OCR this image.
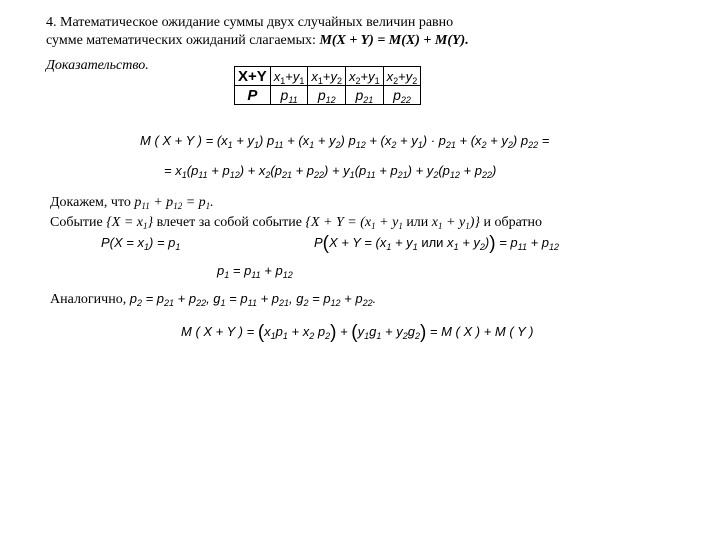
4. Математическое ожидание суммы двух случайных величин равно
сумме математических ожиданий слагаемых: M(X + Y) = M(X) + M(Y).
Доказательство.
X+Y	$x_1+y_1$	$x_1+y_2$	$x_2+y_1$	$x_2+y_2$
P	$p_{11}$	$p_{12}$	$p_{21}$	$p_{22}$
M ( X + Y ) = $(x_1 + y_1) p_{11} + (x_1 + y_2) p_{12} + (x_2 + y_1) \cdot p_{21} + (x_2 + y_2) p_{22}$ =
= $x_1(p_{11} + p_{12}) + x_2(p_{21} + p_{22}) + y_1(p_{11} + p_{21}) + y_2(p_{12} + p_{22})$
Докажем, что $p_{11} + p_{12} = p_1$.
Событие $\{X = x_1\}$ влечет за собой событие {$X + Y = (x_1 + y_1$ или $x_1 + y_1$)} и обратно
$P(X = x_1) = p_1$	$P(X + Y = (x_1 + y_1$ или $x_1 + y_2)) = p_{11} + p_{12}$
$p_1 = p_{11} + p_{12}$
Аналогично, $p_2 = p_{21} + p_{22}$, $g_1 = p_{11} + p_{21}$, $g_2 = p_{12} + p_{22}$.
M ( X + Y ) = ($x_1p_1 + x_2$ $p_2) + (y_1g_1 + y_2g_2) = M$ ( X ) + M ( Y )
